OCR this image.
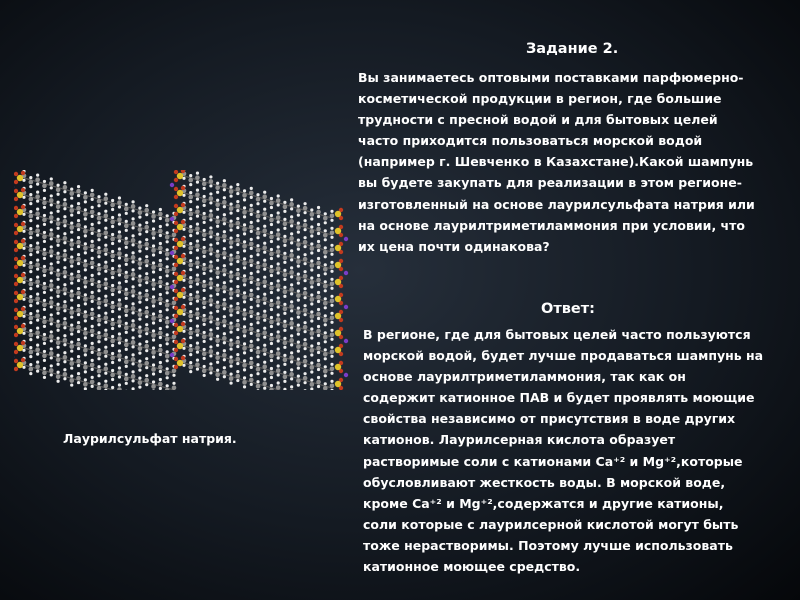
Задание 2.
Вы занимаетесь оптовыми поставками парфюмерно-
косметической продукции в регион, где большие
трудности с пресной водой и для бытовых целей
часто приходится пользоваться морской водой
(например г. Шевченко в Казахстане).Какой шампунь
вы будете закупать для реализации в этом регионе-
изготовленный на основе лаурилсульфата натрия или
на основе лаурилтриметиламмония при условии, что
их цена почти одинакова?
Ответ:
В регионе, где для бытовых целей часто пользуются
морской водой, будет лучше продаваться шампунь на
основе лаурилтриметиламмония, так как он
содержит катионное ПАВ и будет проявлять моющие
свойства независимо от присутствия в воде других
катионов. Лаурилсерная кислота образует
растворимые соли с катионами Ca⁺² и Mg⁺²,которые
обусловливают жесткость воды. В морской воде,
кроме Ca⁺² и Mg⁺²,содержатся и другие катионы,
соли которые с лаурилсерной кислотой могут быть
тоже нерастворимы. Поэтому лучше использовать
катионное моющее средство.
Лаурилсульфат натрия.
